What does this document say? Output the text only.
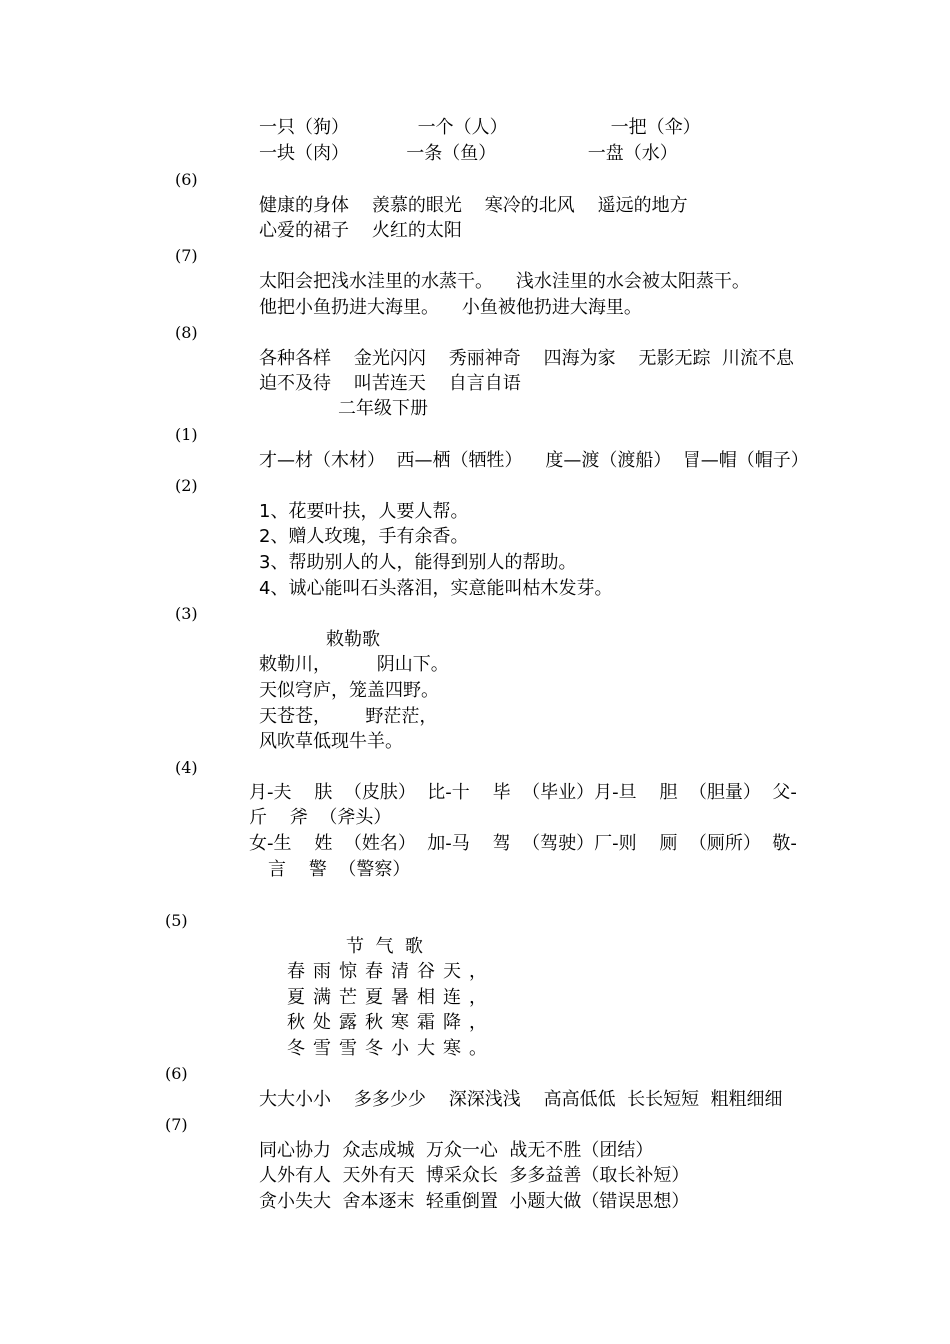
一只（狗）            一个（人）                  一把（伞）
一块（肉）          一条（鱼）                一盘（水）
(6)
健康的身体    羡慕的眼光    寒冷的北风    遥远的地方
心爱的裙子    火红的太阳
(7)
太阳会把浅水洼里的水蒸干。    浅水洼里的水会被太阳蒸干。
他把小鱼扔进大海里。    小鱼被他扔进大海里。
(8)
各种各样    金光闪闪    秀丽神奇    四海为家    无影无踪  川流不息
迫不及待    叫苦连天    自言自语
二年级下册
(1)
才—材（木材）  西—栖（牺牲）    度—渡（渡船）  冒—帽（帽子）
(2)
1、花要叶扶，人要人帮。
2、赠人玫瑰，手有余香。
3、帮助别人的人，能得到别人的帮助。
4、诚心能叫石头落泪，实意能叫枯木发芽。
(3)
敕勒歌
敕勒川，        阴山下。
天似穹庐，笼盖四野。
天苍苍，      野茫茫，
风吹草低现牛羊。
(4)
月-夫    肤  （皮肤）  比-十    毕  （毕业）月-旦    胆  （胆量）  父-
斤    斧  （斧头）
女-生    姓  （姓名）  加-马    驾  （驾驶）厂-则    厕  （厕所）  敬-
言    警  （警察）
(5)
节  气  歌
春雨惊春清谷天，
夏满芒夏暑相连，
秋处露秋寒霜降，
冬雪雪冬小大寒。
(6)
大大小小    多多少少    深深浅浅    高高低低  长长短短  粗粗细细
(7)
同心协力  众志成城  万众一心  战无不胜（团结）
人外有人  天外有天  博采众长  多多益善（取长补短）
贪小失大  舍本逐末  轻重倒置  小题大做（错误思想）
